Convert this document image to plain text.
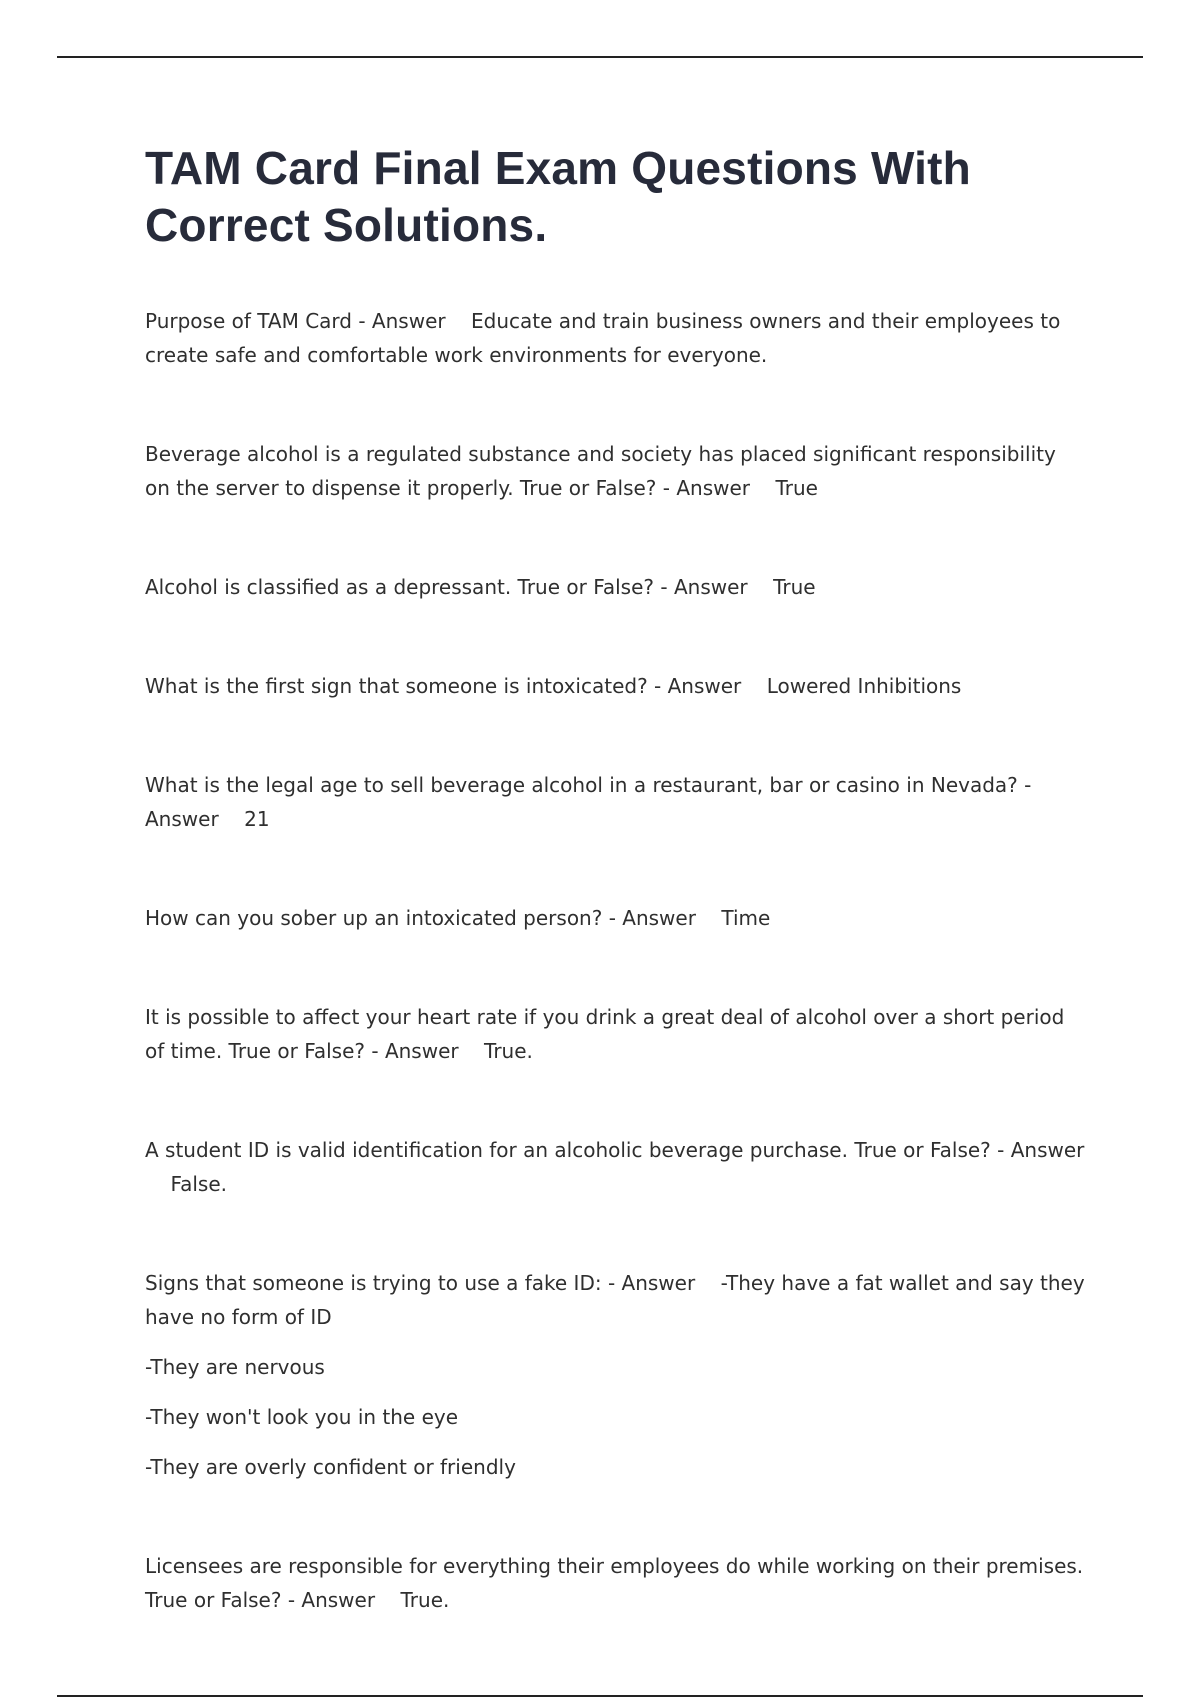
TAM Card Final Exam Questions With Correct Solutions.
Purpose of TAM Card - Answer Educate and train business owners and their employees to create safe and comfortable work environments for everyone.
Beverage alcohol is a regulated substance and society has placed significant responsibility on the server to dispense it properly. True or False? - Answer True
Alcohol is classified as a depressant. True or False? - Answer True
What is the first sign that someone is intoxicated? - Answer Lowered Inhibitions
What is the legal age to sell beverage alcohol in a restaurant, bar or casino in Nevada? - Answer 21
How can you sober up an intoxicated person? - Answer Time
It is possible to affect your heart rate if you drink a great deal of alcohol over a short period of time. True or False? - Answer True.
A student ID is valid identification for an alcoholic beverage purchase. True or False? - Answer    False.
Signs that someone is trying to use a fake ID: - Answer -They have a fat wallet and say they have no form of ID
-They are nervous
-They won't look you in the eye
-They are overly confident or friendly
Licensees are responsible for everything their employees do while working on their premises. True or False? - Answer True.
